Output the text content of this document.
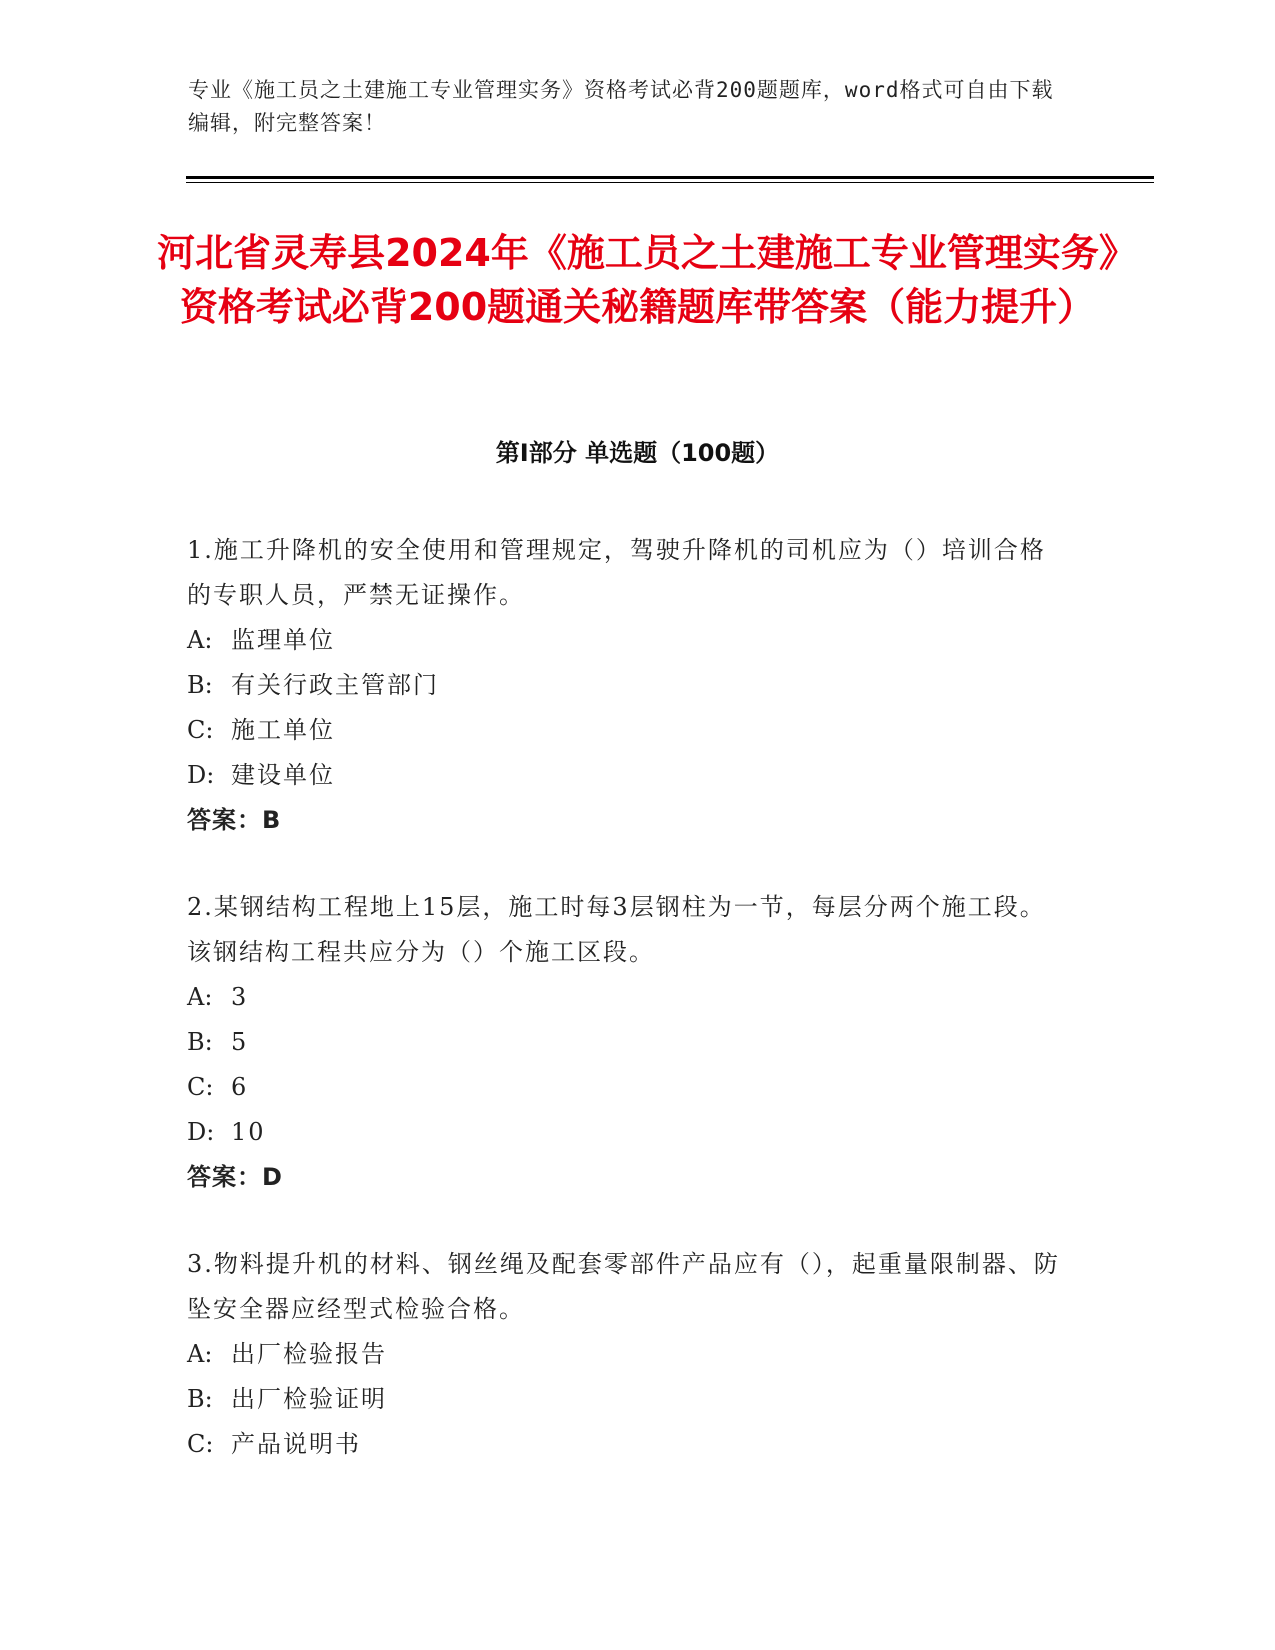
专业《施工员之土建施工专业管理实务》资格考试必背200题题库，word格式可自由下载编辑，附完整答案！
河北省灵寿县2024年《施工员之土建施工专业管理实务》资格考试必背200题通关秘籍题库带答案（能力提升）
第Ⅰ部分 单选题（100题）

1.施工升降机的安全使用和管理规定，驾驶升降机的司机应为（）培训合格的专职人员，严禁无证操作。

A: 监理单位

B: 有关行政主管部门

C: 施工单位

D: 建设单位

答案：B

2.某钢结构工程地上15层，施工时每3层钢柱为一节，每层分两个施工段。该钢结构工程共应分为（）个施工区段。

A: 3

B: 5

C: 6

D: 10

答案：D

3.物料提升机的材料、钢丝绳及配套零部件产品应有（），起重量限制器、防坠安全器应经型式检验合格。

A: 出厂检验报告

B: 出厂检验证明

C: 产品说明书
